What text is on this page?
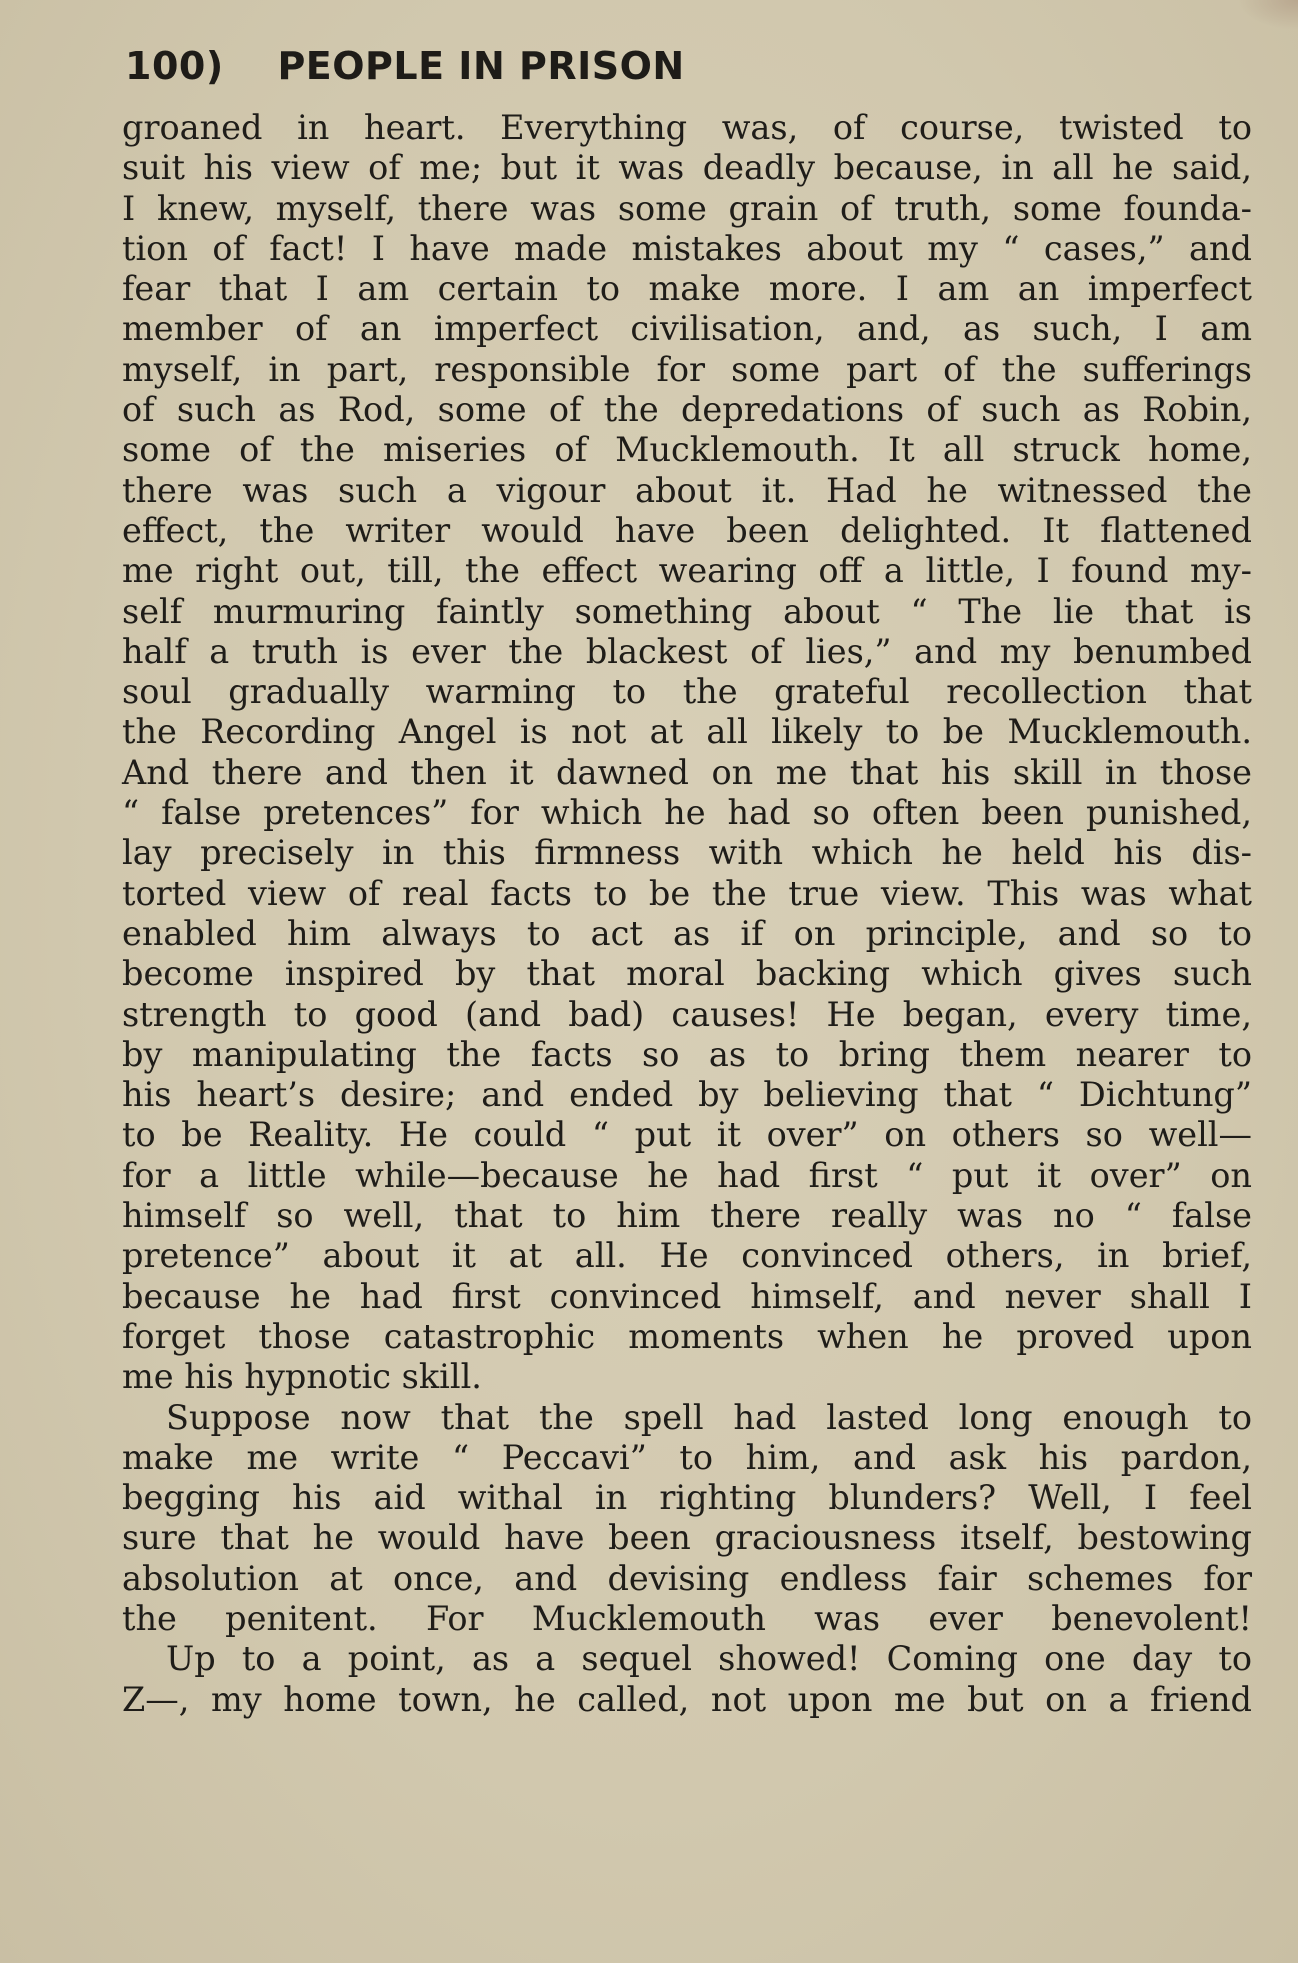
100) PEOPLE IN PRISON
groaned in heart. Everything was, of course, twisted to
suit his view of me; but it was deadly because, in all he said,
I knew, myself, there was some grain of truth, some founda-
tion of fact! I have made mistakes about my “ cases,” and
fear that I am certain to make more. I am an imperfect
member of an imperfect civilisation, and, as such, I am
myself, in part, responsible for some part of the sufferings
of such as Rod, some of the depredations of such as Robin,
some of the miseries of Mucklemouth. It all struck home,
there was such a vigour about it. Had he witnessed the
effect, the writer would have been delighted. It flattened
me right out, till, the effect wearing off a little, I found my-
self murmuring faintly something about “ The lie that is
half a truth is ever the blackest of lies,” and my benumbed
soul gradually warming to the grateful recollection that
the Recording Angel is not at all likely to be Mucklemouth.
And there and then it dawned on me that his skill in those
“ false pretences” for which he had so often been punished,
lay precisely in this firmness with which he held his dis-
torted view of real facts to be the true view. This was what
enabled him always to act as if on principle, and so to
become inspired by that moral backing which gives such
strength to good (and bad) causes! He began, every time,
by manipulating the facts so as to bring them nearer to
his heart’s desire; and ended by believing that “ Dichtung”
to be Reality. He could “ put it over” on others so well—
for a little while—because he had first “ put it over” on
himself so well, that to him there really was no “ false
pretence” about it at all. He convinced others, in brief,
because he had first convinced himself, and never shall I
forget those catastrophic moments when he proved upon
me his hypnotic skill.
Suppose now that the spell had lasted long enough to
make me write “ Peccavi” to him, and ask his pardon,
begging his aid withal in righting blunders? Well, I feel
sure that he would have been graciousness itself, bestowing
absolution at once, and devising endless fair schemes for
the penitent. For Mucklemouth was ever benevolent!
Up to a point, as a sequel showed! Coming one day to
Z—, my home town, he called, not upon me but on a friend
